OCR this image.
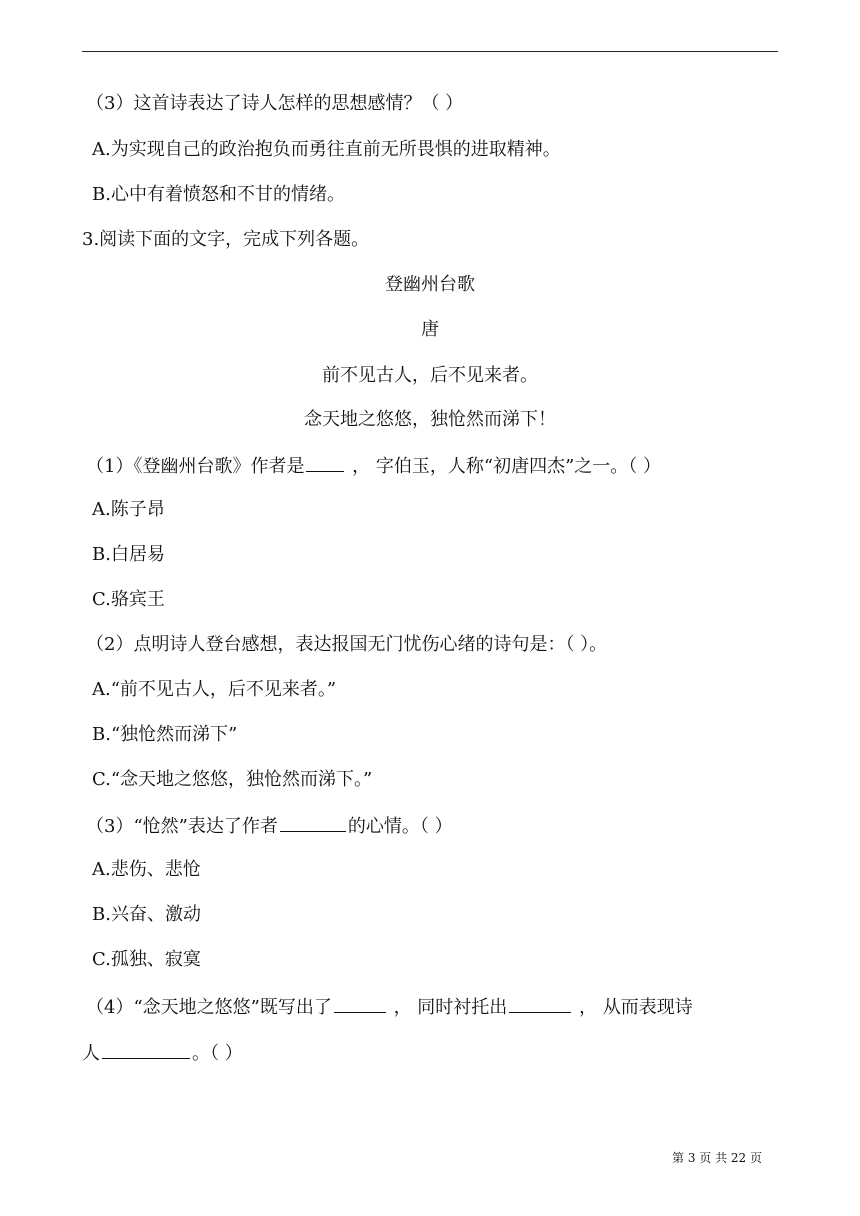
（3）这首诗表达了诗人怎样的思想感情？（ ）
A.为实现自己的政治抱负而勇往直前无所畏惧的进取精神。
B.心中有着愤怒和不甘的情绪。
3.阅读下面的文字，完成下列各题。
登幽州台歌
唐
前不见古人，后不见来者。
念天地之悠悠，独怆然而涕下！
（1）《登幽州台歌》作者是 ， 字伯玉，人称“初唐四杰”之一。（ ）
A.陈子昂
B.白居易
C.骆宾王
（2）点明诗人登台感想，表达报国无门忧伤心绪的诗句是：（ ）。
A.“前不见古人，后不见来者。”
B.“独怆然而涕下”
C.“念天地之悠悠，独怆然而涕下。”
（3）“怆然”表达了作者	的心情。（ ）
A.悲伤、悲怆
B.兴奋、激动
C.孤独、寂寞
（4）“念天地之悠悠”既写出了	， 同时衬托出	， 从而表现诗
人	。（ ）
第 3 页 共 22 页
